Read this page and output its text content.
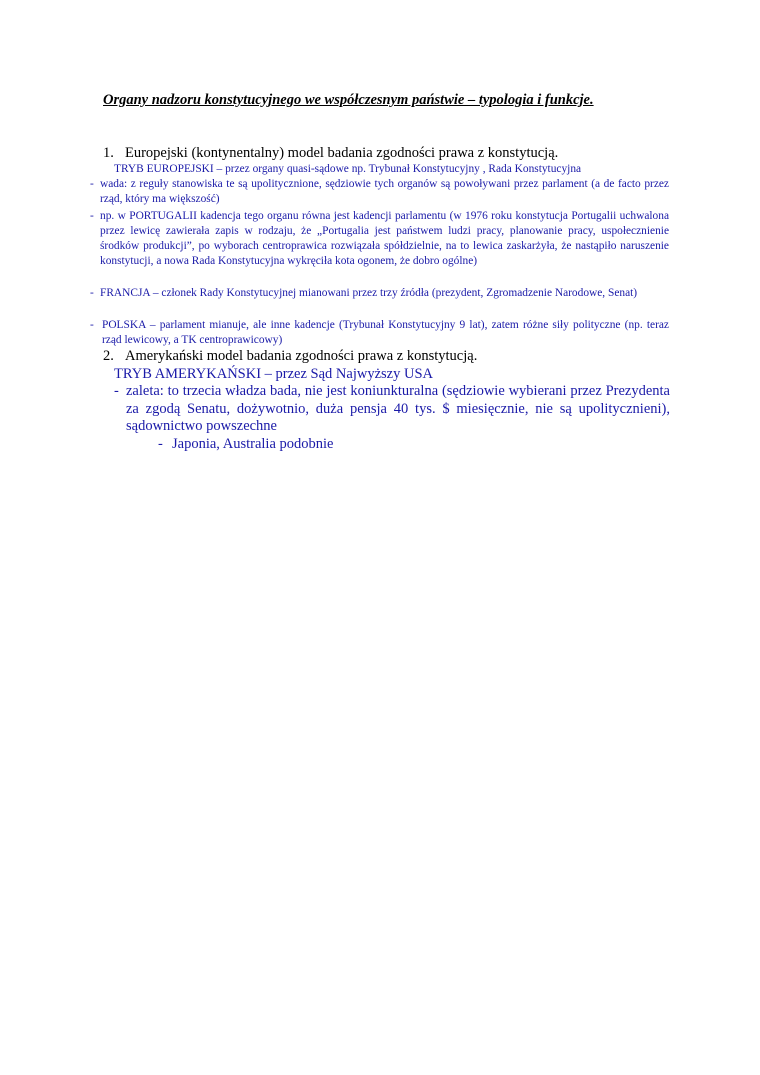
Organy nadzoru konstytucyjnego we współczesnym państwie – typologia i funkcje.
1. Europejski (kontynentalny) model badania zgodności prawa z konstytucją.
TRYB EUROPEJSKI – przez organy quasi-sądowe np. Trybunał Konstytucyjny , Rada Konstytucyjna
- wada: z reguły stanowiska te są upolitycznione, sędziowie tych organów są powoływani przez parlament (a de facto przez rząd, który ma większość)
- np. w PORTUGALII kadencja tego organu równa jest kadencji parlamentu (w 1976 roku konstytucja Portugalii uchwalona przez lewicę zawierała zapis w rodzaju, że „Portugalia jest państwem ludzi pracy, planowanie pracy, uspołecznienie środków produkcji”, po wyborach centroprawica rozwiązała spółdzielnie, na to lewica zaskarżyła, że nastąpiło naruszenie konstytucji, a nowa Rada Konstytucyjna wykręciła kota ogonem, że dobro ogólne)
- FRANCJA – członek Rady Konstytucyjnej mianowani przez trzy źródła (prezydent, Zgromadzenie Narodowe, Senat)
- POLSKA – parlament mianuje, ale inne kadencje (Trybunał Konstytucyjny 9 lat), zatem różne siły polityczne (np. teraz rząd lewicowy, a TK centroprawicowy)
2. Amerykański model badania zgodności prawa z konstytucją.
TRYB AMERYKAŃSKI – przez Sąd Najwyższy USA
- zaleta: to trzecia władza bada, nie jest koniunkturalna (sędziowie wybierani przez Prezydenta za zgodą Senatu, dożywotnio, duża pensja 40 tys. $ miesięcznie, nie są upolitycznieni), sądownictwo powszechne
- Japonia, Australia podobnie
